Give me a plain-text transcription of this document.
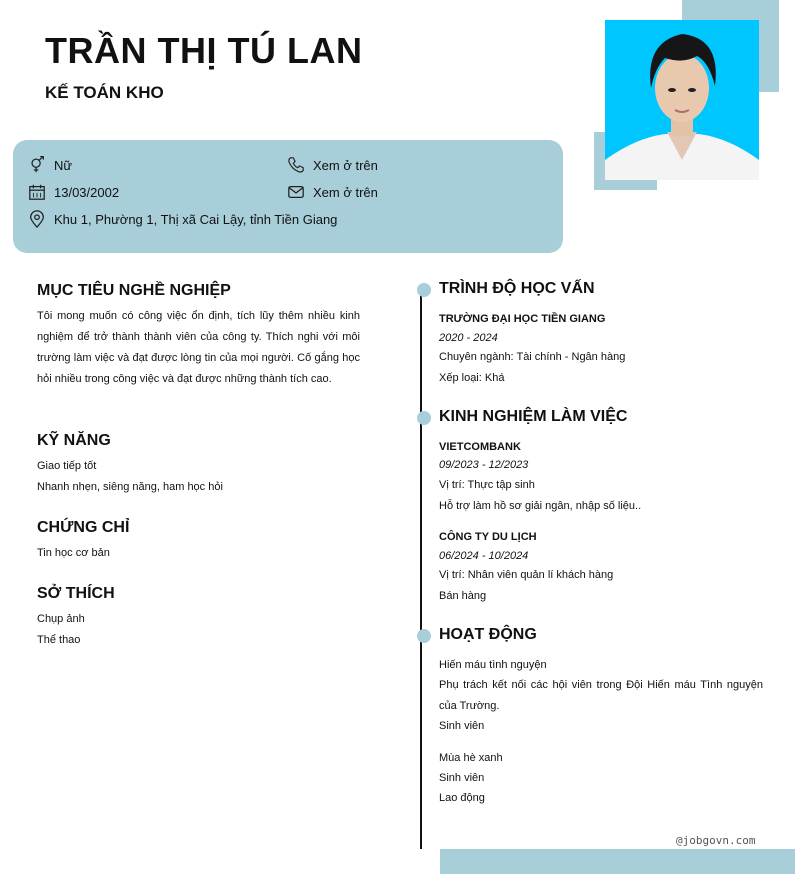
TRẦN THỊ TÚ LAN
KẾ TOÁN KHO
Nữ
13/03/2002
Khu 1, Phường 1, Thị xã Cai Lậy, tỉnh Tiền Giang
Xem ở trên
Xem ở trên
MỤC TIÊU NGHỀ NGHIỆP
Tôi mong muốn có công việc ổn định, tích lũy thêm nhiều kinh nghiệm để trở thành thành viên của công ty. Thích nghi với môi trường làm việc và đạt được lòng tin của mọi người. Cố gắng học hỏi nhiều trong công việc và đạt được những thành tích cao.
KỸ NĂNG
Giao tiếp tốt
Nhanh nhẹn, siêng năng, ham học hỏi
CHỨNG CHỈ
Tin học cơ bản
SỞ THÍCH
Chụp ảnh
Thể thao
TRÌNH ĐỘ HỌC VẤN
TRƯỜNG ĐẠI HỌC TIỀN GIANG
2020 - 2024
Chuyên ngành: Tài chính - Ngân hàng
Xếp loại: Khá
KINH NGHIỆM LÀM VIỆC
VIETCOMBANK
09/2023 - 12/2023
Vị trí: Thực tập sinh
Hỗ trợ làm hồ sơ giải ngân, nhập số liệu..
CÔNG TY DU LỊCH
06/2024 - 10/2024
Vị trí: Nhân viên quản lí khách hàng
Bán hàng
HOẠT ĐỘNG
Hiến máu tình nguyện
Phụ trách kết nối các hội viên trong Đội Hiến máu Tình nguyện của Trường.
Sinh viên
Mùa hè xanh
Sinh viên
Lao động
@jobgovn.com
